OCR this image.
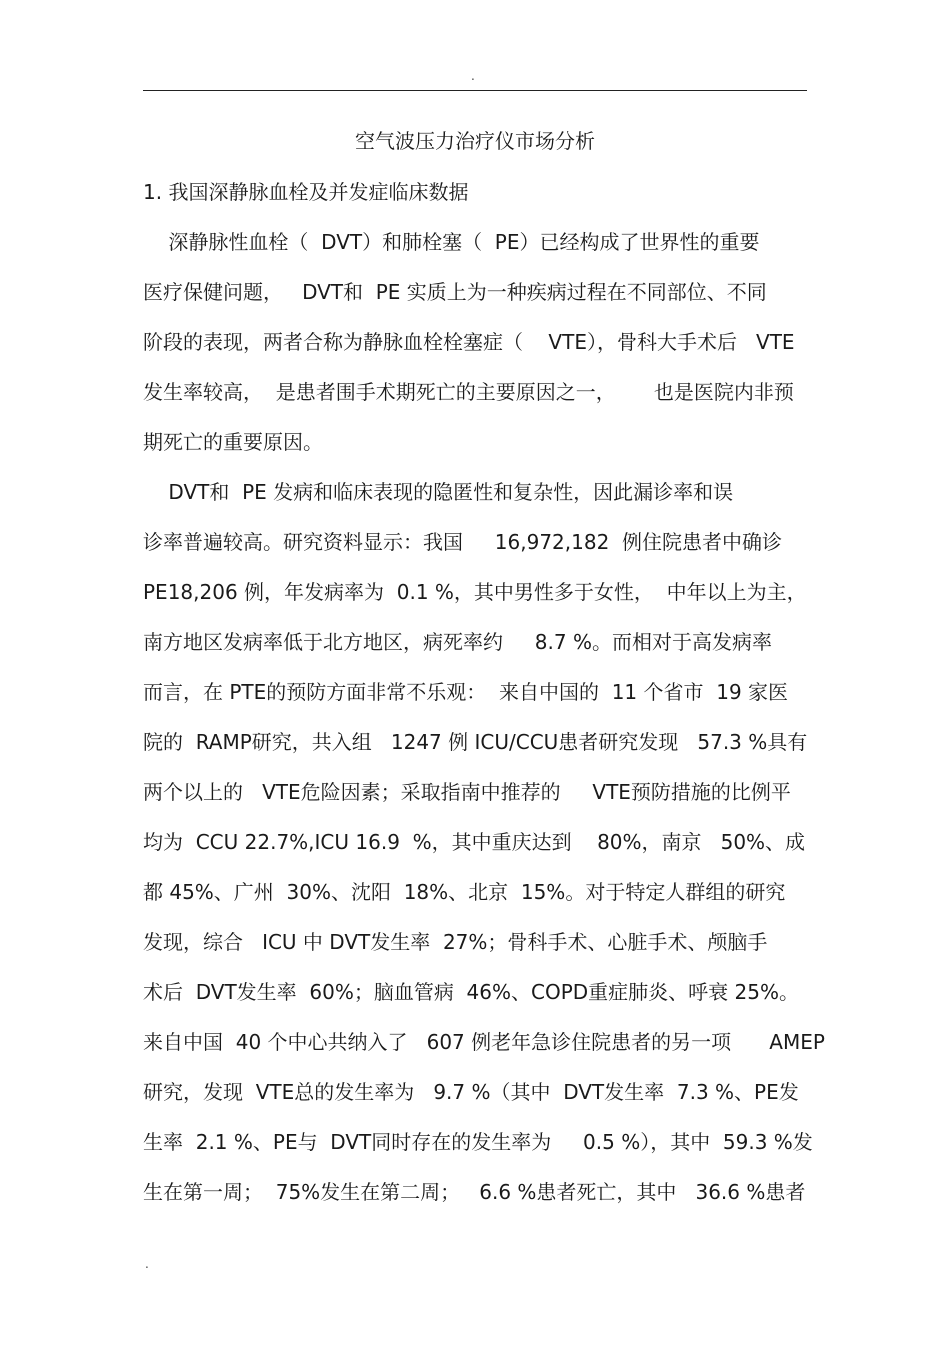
.
空气波压力治疗仪市场分析
1. 我国深静脉血栓及并发症临床数据
深静脉性血栓（  DVT）和肺栓塞（  PE）已经构成了世界性的重要
医疗保健问题，   DVT和  PE 实质上为一种疾病过程在不同部位、不同
阶段的表现，两者合称为静脉血栓栓塞症（    VTE），骨科大手术后   VTE
发生率较高，  是患者围手术期死亡的主要原因之一，      也是医院内非预
期死亡的重要原因。
DVT和  PE 发病和临床表现的隐匿性和复杂性，因此漏诊率和误
诊率普遍较高。研究资料显示：我国     16,972,182  例住院患者中确诊
PE18,206 例，年发病率为  0.1 %，其中男性多于女性，  中年以上为主，
南方地区发病率低于北方地区，病死率约     8.7 %。而相对于高发病率
而言，在 PTE的预防方面非常不乐观：  来自中国的  11 个省市  19 家医
院的  RAMP研究，共入组   1247 例 ICU/CCU患者研究发现   57.3 %具有
两个以上的   VTE危险因素；采取指南中推荐的     VTE预防措施的比例平
均为  CCU 22.7%,ICU 16.9  %，其中重庆达到    80%，南京   50%、成
都 45%、广州  30%、沈阳  18%、北京  15%。对于特定人群组的研究
发现，综合   ICU 中 DVT发生率  27%；骨科手术、心脏手术、颅脑手
术后  DVT发生率  60%；脑血管病  46%、COPD重症肺炎、呼衰 25%。
来自中国  40 个中心共纳入了   607 例老年急诊住院患者的另一项      AMEP
研究，发现  VTE总的发生率为   9.7 %（其中  DVT发生率  7.3 %、PE发
生率  2.1 %、PE与  DVT同时存在的发生率为     0.5 %），其中  59.3 %发
生在第一周；  75%发生在第二周；   6.6 %患者死亡，其中   36.6 %患者
.
